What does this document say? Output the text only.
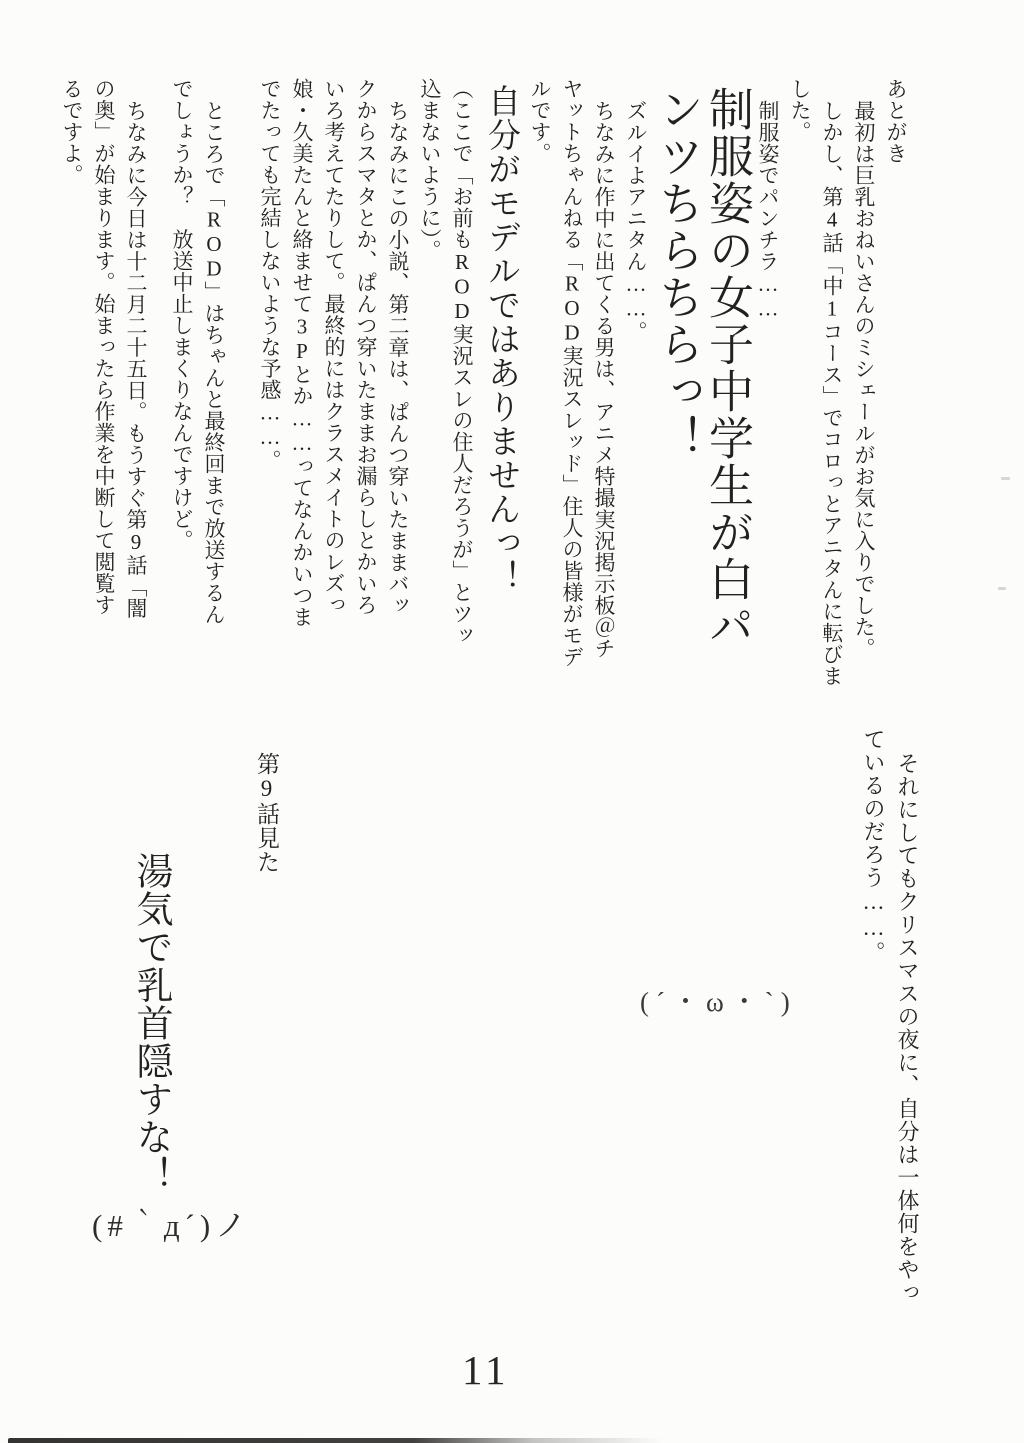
あとがき

最初は巨乳おねいさんのミシェールがお気に入りでした。

しかし、第4話「中1コース」でコロっとアニタんに転びま

した。

制服姿でパンチラ……

制服姿の女子中学生が白パ

ンツちらちらっ！

ズルイよアニタん……。

ちなみに作中に出てくる男は、アニメ特撮実況掲示板＠チ

ヤットちゃんねる「ROD実況スレッド」住人の皆様がモデ

ルです。

自分がモデルではありませんっ！

（ここで「お前もROD実況スレの住人だろうが」とツッ

込まないように）。

ちなみにこの小説、第二章は、ぱんつ穿いたままバッ

クからスマタとか、ぱんつ穿いたままお漏らしとかいろ

いろ考えてたりして。最終的にはクラスメイトのレズっ

娘・久美たんと絡ませて3Pとか……ってなんかいつま

でたっても完結しないような予感……。

ところで「ROD」はちゃんと最終回まで放送するん

でしょうか？　放送中止しまくりなんですけど。

ちなみに今日は十二月二十五日。もうすぐ第9話「闇

の奥」が始まります。始まったら作業を中断して閲覧す

るですよ。

それにしてもクリスマスの夜に、自分は一体何をやっ

ているのだろう……。

(´・ω・`)
第9話見た
湯気で乳首隠すな！
(#｀д´)ノ
11
